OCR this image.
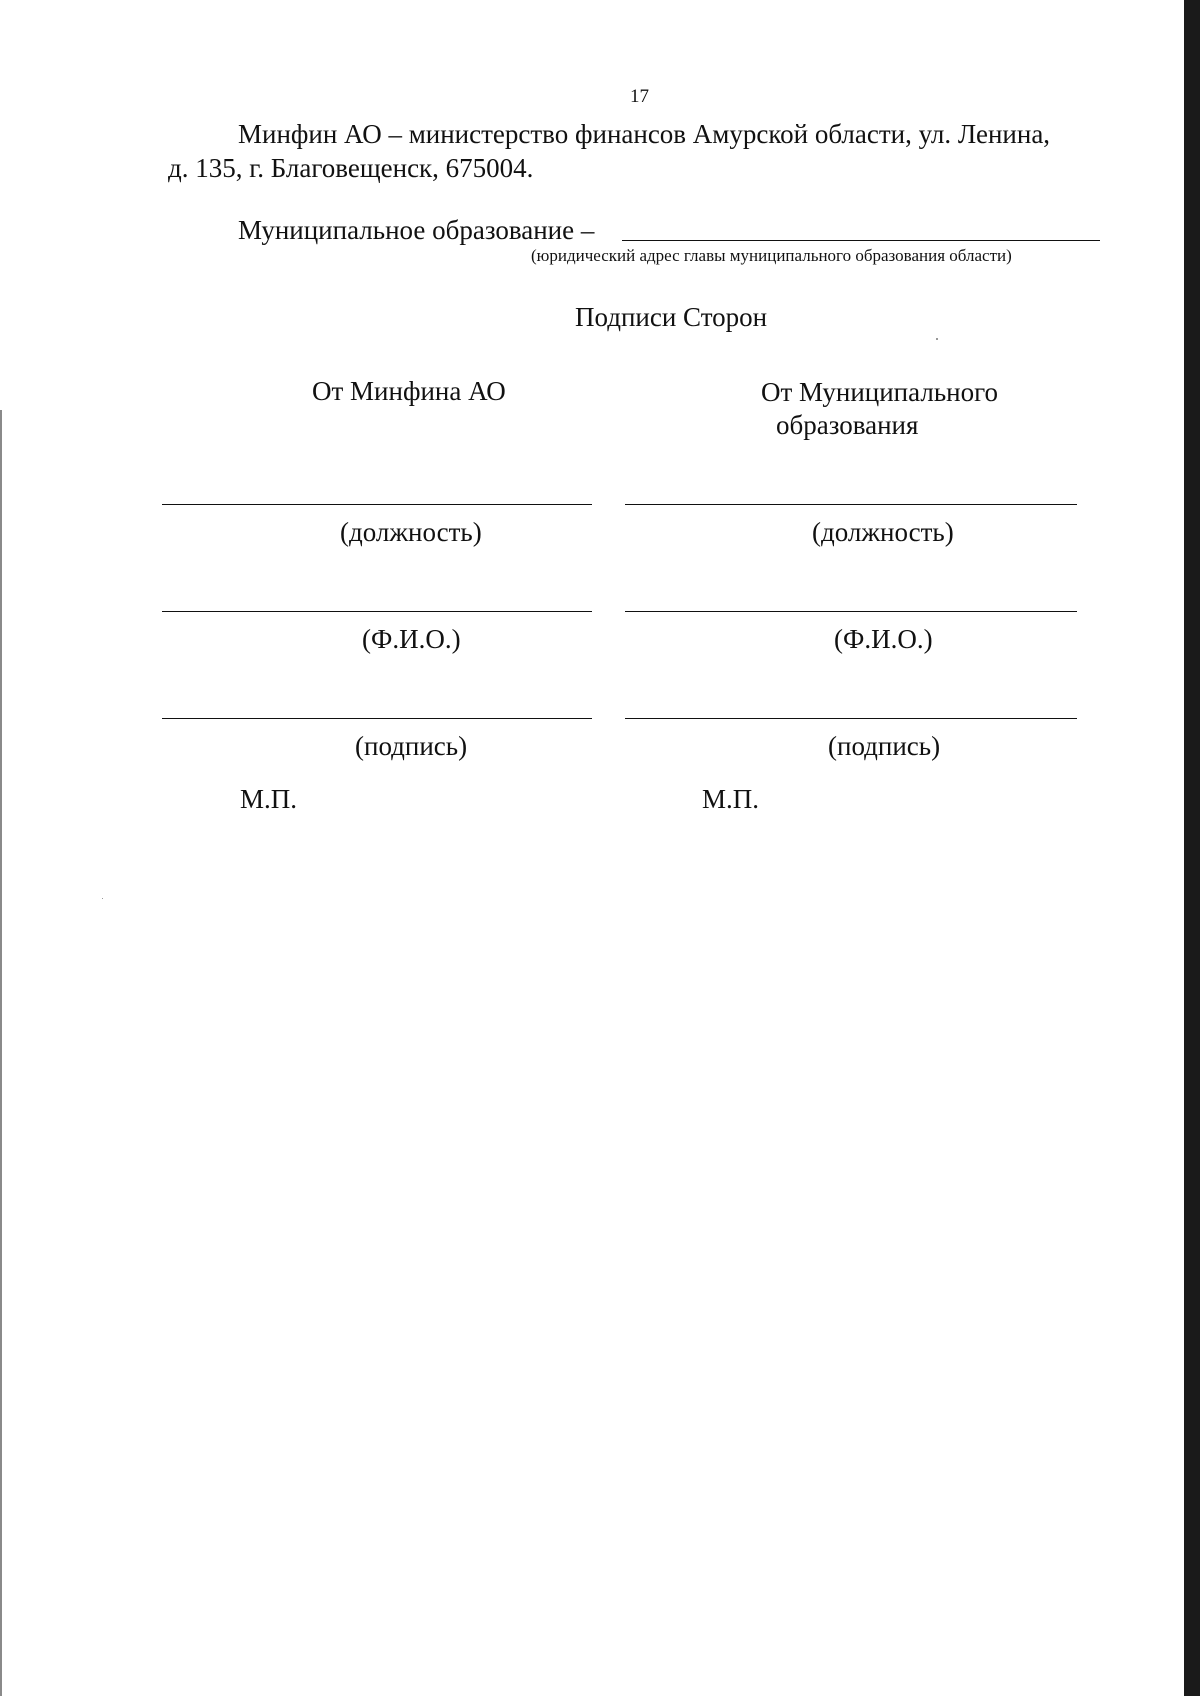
17
Минфин АО – министерство финансов Амурской области, ул. Ленина,
д. 135, г. Благовещенск, 675004.
Муниципальное образование –
(юридический адрес главы муниципального образования области)
Подписи Сторон
От Минфина АО	От Муниципального
образования
(должность)
(Ф.И.О.)
(подпись)
М.П.
(должность)
(Ф.И.О.)
(подпись)
М.П.
